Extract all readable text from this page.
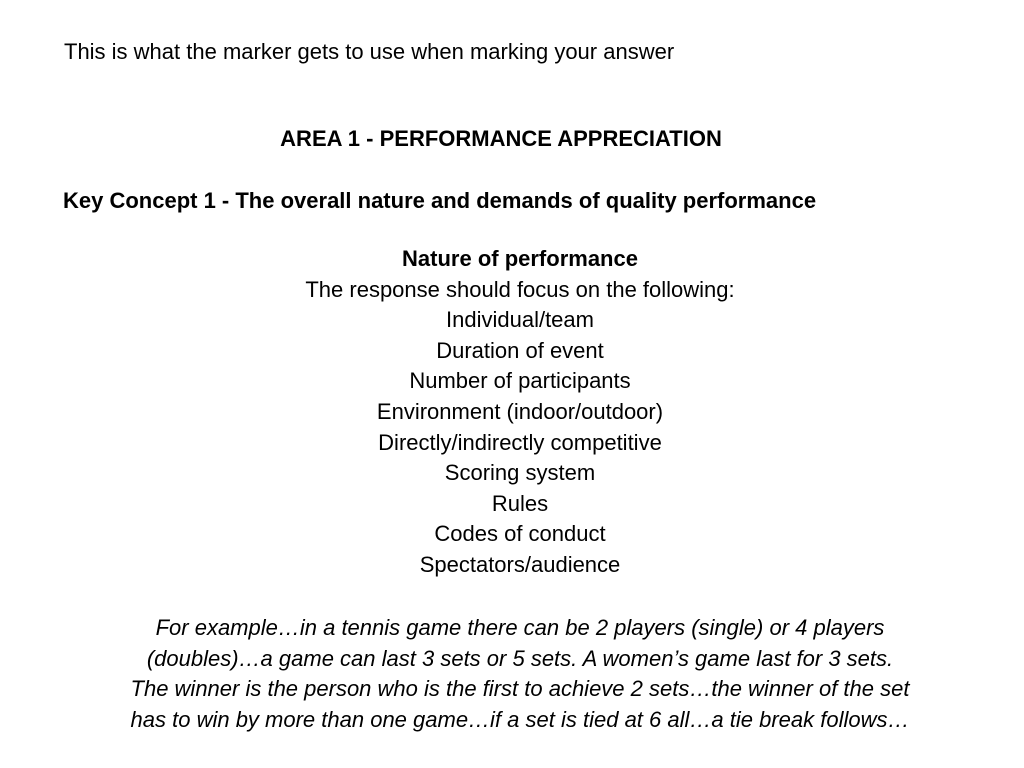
This is what the marker gets to use when marking your answer
AREA 1 - PERFORMANCE APPRECIATION
Key Concept 1 - The overall nature and demands of quality performance
Nature of performance
The response should focus on the following:
Individual/team
Duration of event
Number of participants
Environment (indoor/outdoor)
Directly/indirectly competitive
Scoring system
Rules
Codes of conduct
Spectators/audience
For example…in a tennis game there can be 2 players (single) or 4 players
(doubles)…a game can last 3 sets or 5 sets. A women’s game last for 3 sets.
The winner is the person who is the first to achieve 2 sets…the winner of the set
has to win by more than one game…if a set is tied at 6 all…a tie break follows…
